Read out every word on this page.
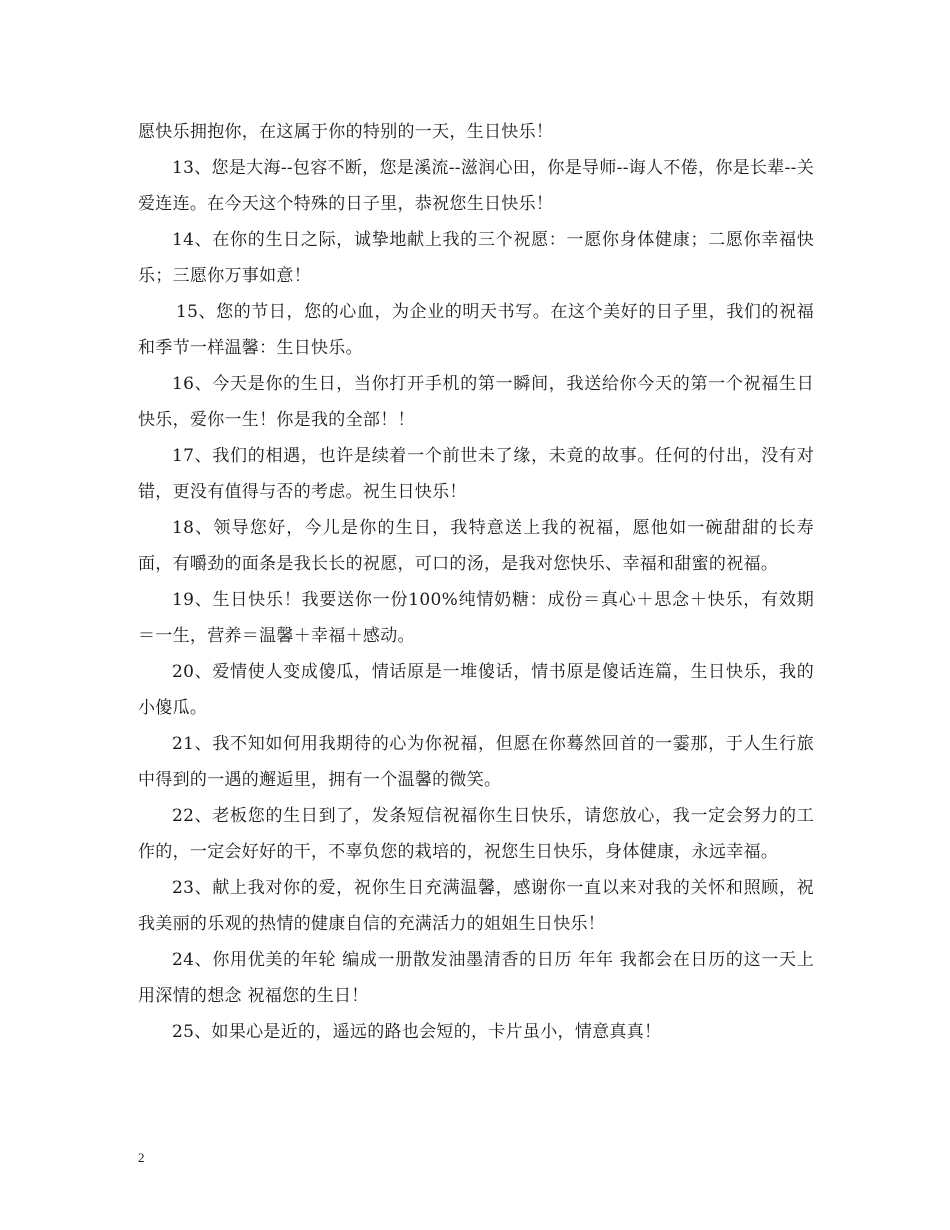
愿快乐拥抱你，在这属于你的特别的一天，生日快乐！

13、您是大海--包容不断，您是溪流--滋润心田，你是导师--诲人不倦，你是长辈--关爱连连。在今天这个特殊的日子里，恭祝您生日快乐！

14、在你的生日之际，诚挚地献上我的三个祝愿：一愿你身体健康；二愿你幸福快乐；三愿你万事如意！

15、您的节日，您的心血，为企业的明天书写。在这个美好的日子里，我们的祝福和季节一样温馨：生日快乐。

16、今天是你的生日，当你打开手机的第一瞬间，我送给你今天的第一个祝福生日快乐，爱你一生！你是我的全部！！

17、我们的相遇，也许是续着一个前世未了缘，未竟的故事。任何的付出，没有对错，更没有值得与否的考虑。祝生日快乐！

18、领导您好，今儿是你的生日，我特意送上我的祝福，愿他如一碗甜甜的长寿面，有嚼劲的面条是我长长的祝愿，可口的汤，是我对您快乐、幸福和甜蜜的祝福。

19、生日快乐！我要送你一份100%纯情奶糖：成份＝真心＋思念＋快乐，有效期＝一生，营养＝温馨＋幸福＋感动。

20、爱情使人变成傻瓜，情话原是一堆傻话，情书原是傻话连篇，生日快乐，我的小傻瓜。

21、我不知如何用我期待的心为你祝福，但愿在你蓦然回首的一霎那，于人生行旅中得到的一遇的邂逅里，拥有一个温馨的微笑。

22、老板您的生日到了，发条短信祝福你生日快乐，请您放心，我一定会努力的工作的，一定会好好的干，不辜负您的栽培的，祝您生日快乐，身体健康，永远幸福。

23、献上我对你的爱，祝你生日充满温馨，感谢你一直以来对我的关怀和照顾，祝我美丽的乐观的热情的健康自信的充满活力的姐姐生日快乐！

24、你用优美的年轮 编成一册散发油墨清香的日历 年年 我都会在日历的这一天上 用深情的想念 祝福您的生日！

25、如果心是近的，遥远的路也会短的，卡片虽小，情意真真！

2
